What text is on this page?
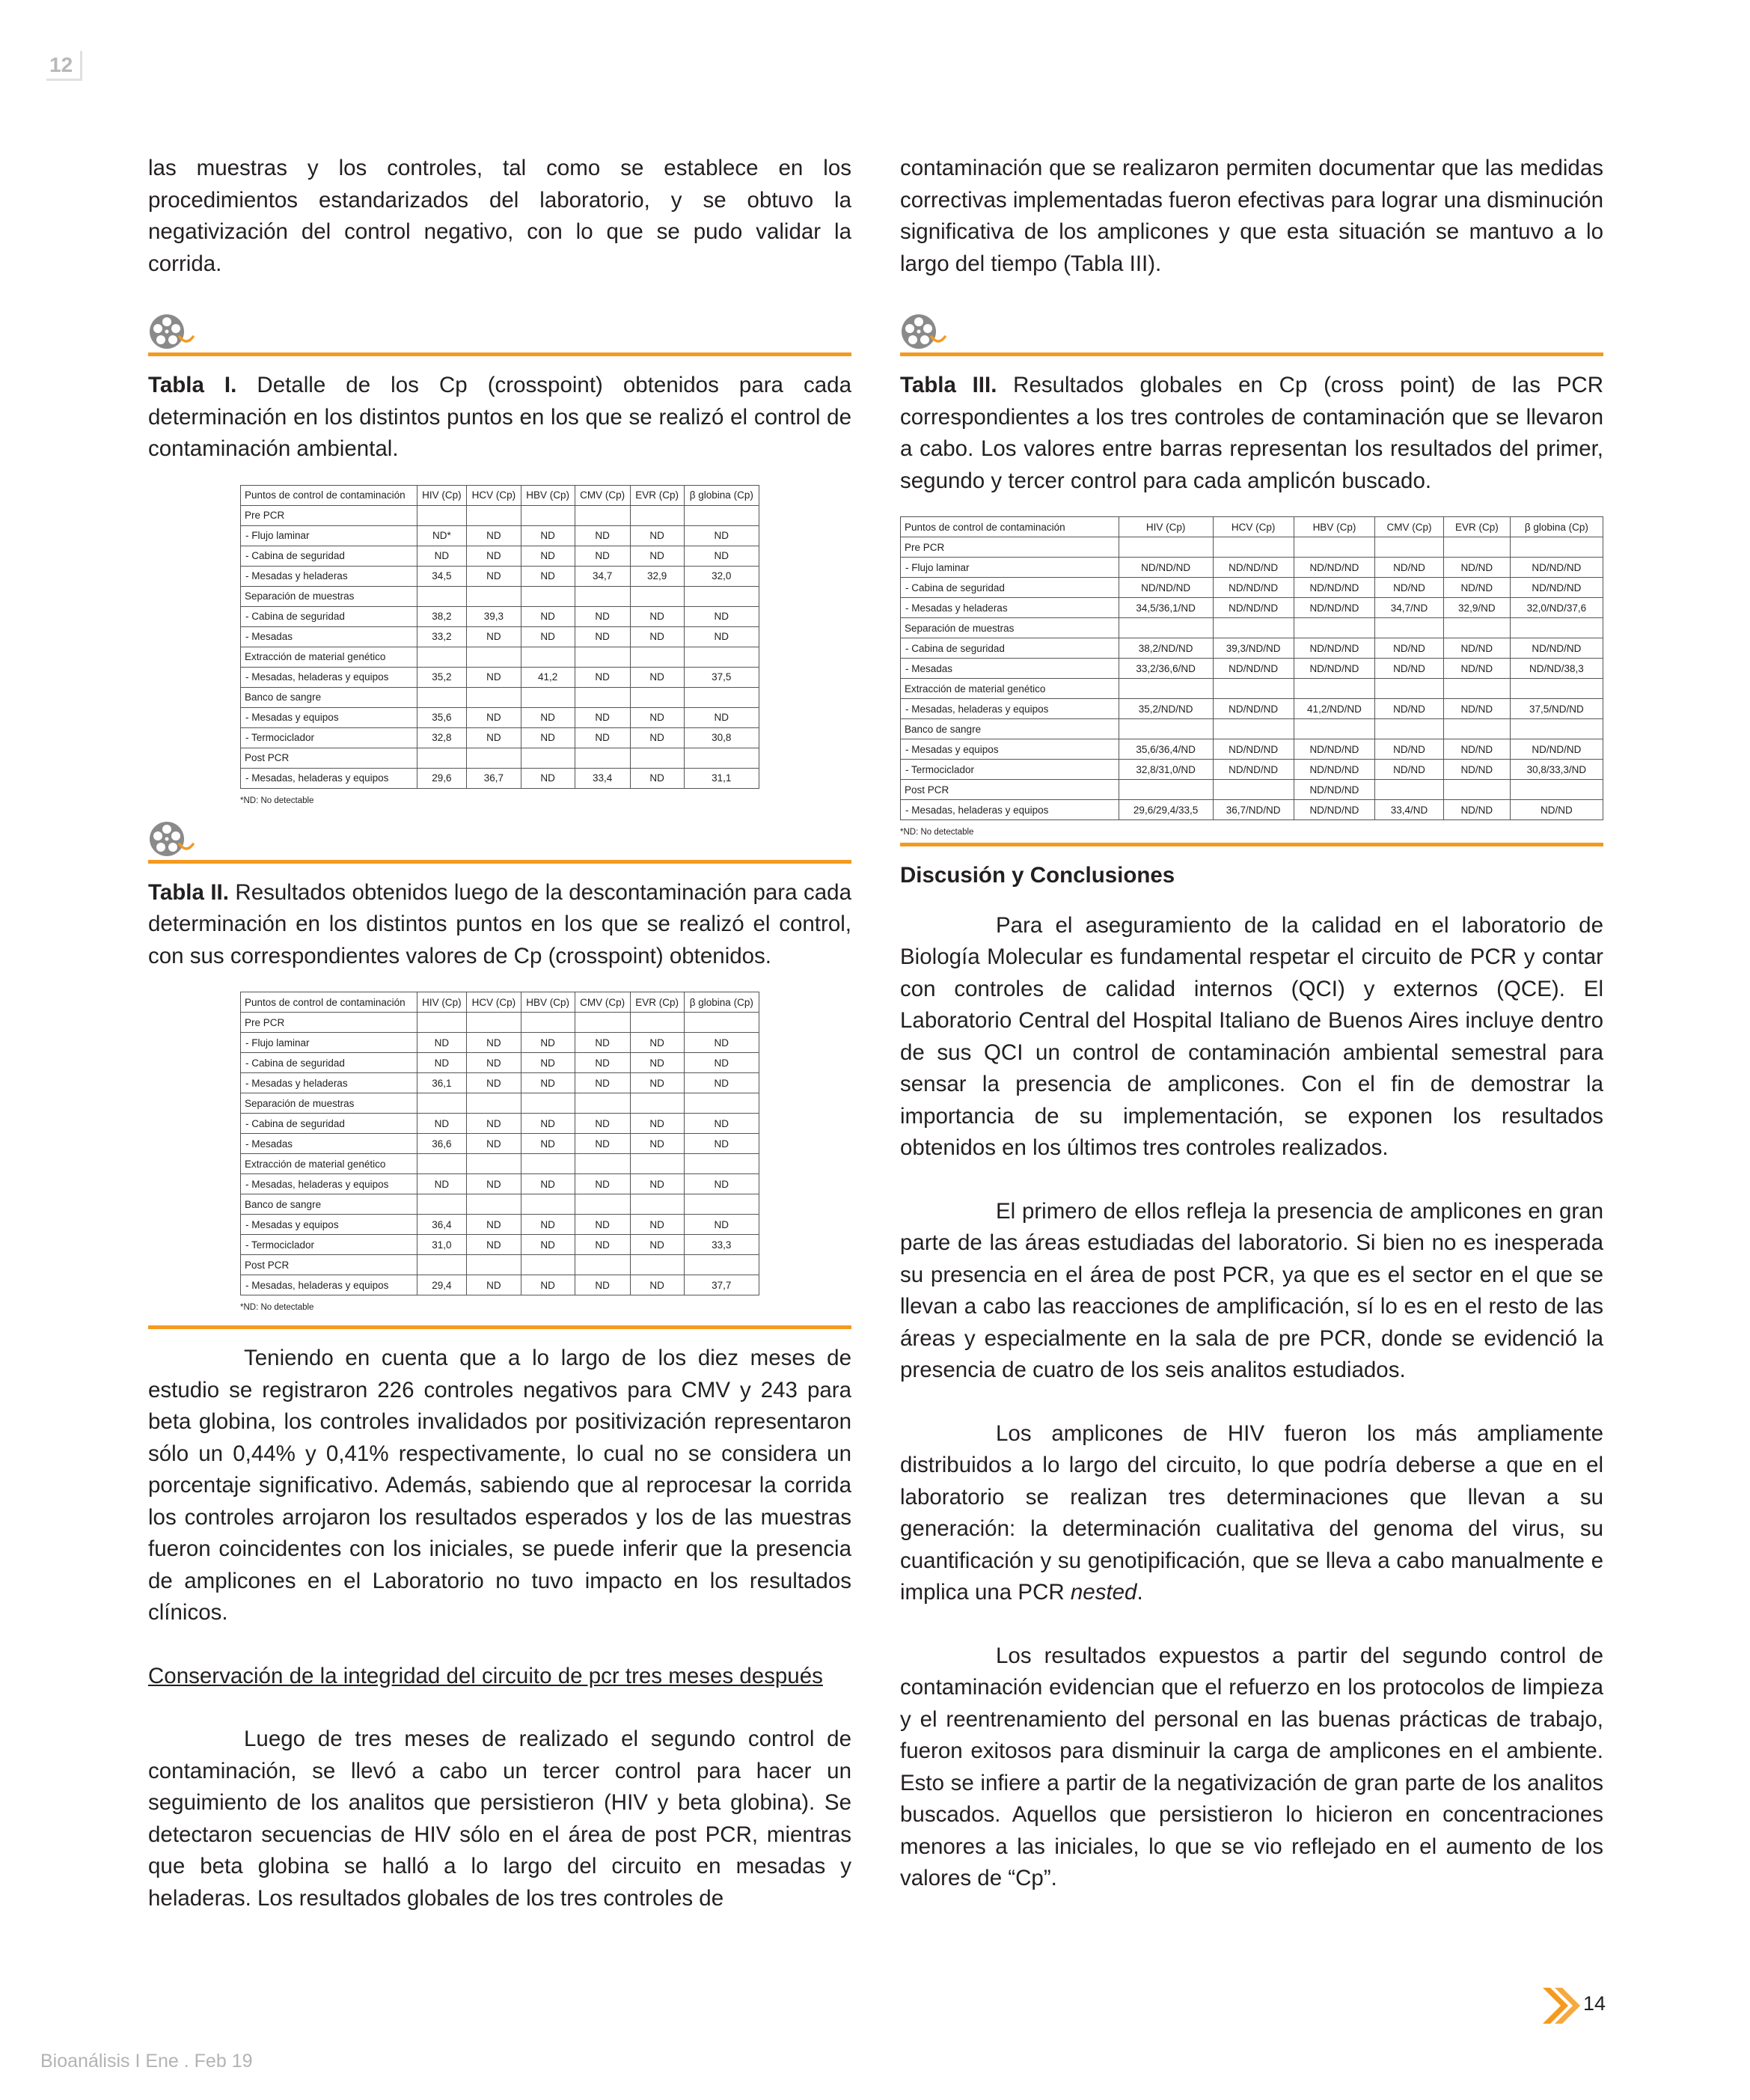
12

las muestras y los controles, tal como se establece en los procedimientos estandarizados del laboratorio, y se obtuvo la negativización del control negativo, con lo que se pudo validar la corrida.

Tabla I. Detalle de los Cp (crosspoint) obtenidos para cada determinación en los distintos puntos en los que se realizó el control de contaminación ambiental.

Puntos de control de contaminación	HIV (Cp)	HCV (Cp)	HBV (Cp)	CMV (Cp)	EVR (Cp)	β globina (Cp)
Pre PCR						
- Flujo laminar	ND*	ND	ND	ND	ND	ND
- Cabina de seguridad	ND	ND	ND	ND	ND	ND
- Mesadas y heladeras	34,5	ND	ND	34,7	32,9	32,0
Separación de muestras						
- Cabina de seguridad	38,2	39,3	ND	ND	ND	ND
- Mesadas	33,2	ND	ND	ND	ND	ND
Extracción de material genético						
- Mesadas, heladeras y equipos	35,2	ND	41,2	ND	ND	37,5
Banco de sangre						
- Mesadas y equipos	35,6	ND	ND	ND	ND	ND
- Termociclador	32,8	ND	ND	ND	ND	30,8
Post PCR						
- Mesadas, heladeras y equipos	29,6	36,7	ND	33,4	ND	31,1
*ND: No detectable

Tabla II. Resultados obtenidos luego de la descontaminación para cada determinación en los distintos puntos en los que se realizó el control, con sus correspondientes valores de Cp (crosspoint) obtenidos.

Puntos de control de contaminación	HIV (Cp)	HCV (Cp)	HBV (Cp)	CMV (Cp)	EVR (Cp)	β globina (Cp)
Pre PCR						
- Flujo laminar	ND	ND	ND	ND	ND	ND
- Cabina de seguridad	ND	ND	ND	ND	ND	ND
- Mesadas y heladeras	36,1	ND	ND	ND	ND	ND
Separación de muestras						
- Cabina de seguridad	ND	ND	ND	ND	ND	ND
- Mesadas	36,6	ND	ND	ND	ND	ND
Extracción de material genético						
- Mesadas, heladeras y equipos	ND	ND	ND	ND	ND	ND
Banco de sangre						
- Mesadas y equipos	36,4	ND	ND	ND	ND	ND
- Termociclador	31,0	ND	ND	ND	ND	33,3
Post PCR						
- Mesadas, heladeras y equipos	29,4	ND	ND	ND	ND	37,7
*ND: No detectable

Teniendo en cuenta que a lo largo de los diez meses de estudio se registraron 226 controles negativos para CMV y 243 para beta globina, los controles invalidados por positivización representaron sólo un 0,44% y 0,41% respectivamente, lo cual no se considera un porcentaje significativo. Además, sabiendo que al reprocesar la corrida los controles arrojaron los resultados esperados y los de las muestras fueron coincidentes con los iniciales, se puede inferir que la presencia de amplicones en el Laboratorio no tuvo impacto en los resultados clínicos.

Conservación de la integridad del circuito de pcr tres meses después

Luego de tres meses de realizado el segundo control de contaminación, se llevó a cabo un tercer control para hacer un seguimiento de los analitos que persistieron (HIV y beta globina). Se detectaron secuencias de HIV sólo en el área de post PCR, mientras que beta globina se halló a lo largo del circuito en mesadas y heladeras. Los resultados globales de los tres controles de

contaminación que se realizaron permiten documentar que las medidas correctivas implementadas fueron efectivas para lograr una disminución significativa de los amplicones y que esta situación se mantuvo a lo largo del tiempo (Tabla III).

Tabla III. Resultados globales en Cp (cross point) de las PCR correspondientes a los tres controles de contaminación que se llevaron a cabo. Los valores entre barras representan los resultados del primer, segundo y tercer control para cada amplicón buscado.

Puntos de control de contaminación	HIV (Cp)	HCV (Cp)	HBV (Cp)	CMV (Cp)	EVR (Cp)	β globina (Cp)
Pre PCR						
- Flujo laminar	ND/ND/ND	ND/ND/ND	ND/ND/ND	ND/ND	ND/ND	ND/ND/ND
- Cabina de seguridad	ND/ND/ND	ND/ND/ND	ND/ND/ND	ND/ND	ND/ND	ND/ND/ND
- Mesadas y heladeras	34,5/36,1/ND	ND/ND/ND	ND/ND/ND	34,7/ND	32,9/ND	32,0/ND/37,6
Separación de muestras						
- Cabina de seguridad	38,2/ND/ND	39,3/ND/ND	ND/ND/ND	ND/ND	ND/ND	ND/ND/ND
- Mesadas	33,2/36,6/ND	ND/ND/ND	ND/ND/ND	ND/ND	ND/ND	ND/ND/38,3
Extracción de material genético						
- Mesadas, heladeras y equipos	35,2/ND/ND	ND/ND/ND	41,2/ND/ND	ND/ND	ND/ND	37,5/ND/ND
Banco de sangre						
- Mesadas y equipos	35,6/36,4/ND	ND/ND/ND	ND/ND/ND	ND/ND	ND/ND	ND/ND/ND
- Termociclador	32,8/31,0/ND	ND/ND/ND	ND/ND/ND	ND/ND	ND/ND	30,8/33,3/ND
Post PCR			ND/ND/ND			
- Mesadas, heladeras y equipos	29,6/29,4/33,5	36,7/ND/ND	ND/ND/ND	33,4/ND	ND/ND	ND/ND
*ND: No detectable

Discusión y Conclusiones

Para el aseguramiento de la calidad en el laboratorio de Biología Molecular es fundamental respetar el circuito de PCR y contar con controles de calidad internos (QCI) y externos (QCE). El Laboratorio Central del Hospital Italiano de Buenos Aires incluye dentro de sus QCI un control de contaminación ambiental semestral para sensar la presencia de amplicones. Con el fin de demostrar la importancia de su implementación, se exponen los resultados obtenidos en los últimos tres controles realizados.

El primero de ellos refleja la presencia de amplicones en gran parte de las áreas estudiadas del laboratorio. Si bien no es inesperada su presencia en el área de post PCR, ya que es el sector en el que se llevan a cabo las reacciones de amplificación, sí lo es en el resto de las áreas y especialmente en la sala de pre PCR, donde se evidenció la presencia de cuatro de los seis analitos estudiados.

Los amplicones de HIV fueron los más ampliamente distribuidos a lo largo del circuito, lo que podría deberse a que en el laboratorio se realizan tres determinaciones que llevan a su generación: la determinación cualitativa del genoma del virus, su cuantificación y su genotipificación, que se lleva a cabo manualmente e implica una PCR nested.

Los resultados expuestos a partir del segundo control de contaminación evidencian que el refuerzo en los protocolos de limpieza y el reentrenamiento del personal en las buenas prácticas de trabajo, fueron exitosos para disminuir la carga de amplicones en el ambiente. Esto se infiere a partir de la negativización de gran parte de los analitos buscados. Aquellos que persistieron lo hicieron en concentraciones menores a las iniciales, lo que se vio reflejado en el aumento de los valores de “Cp”.

14
Bioanálisis I Ene . Feb 19
